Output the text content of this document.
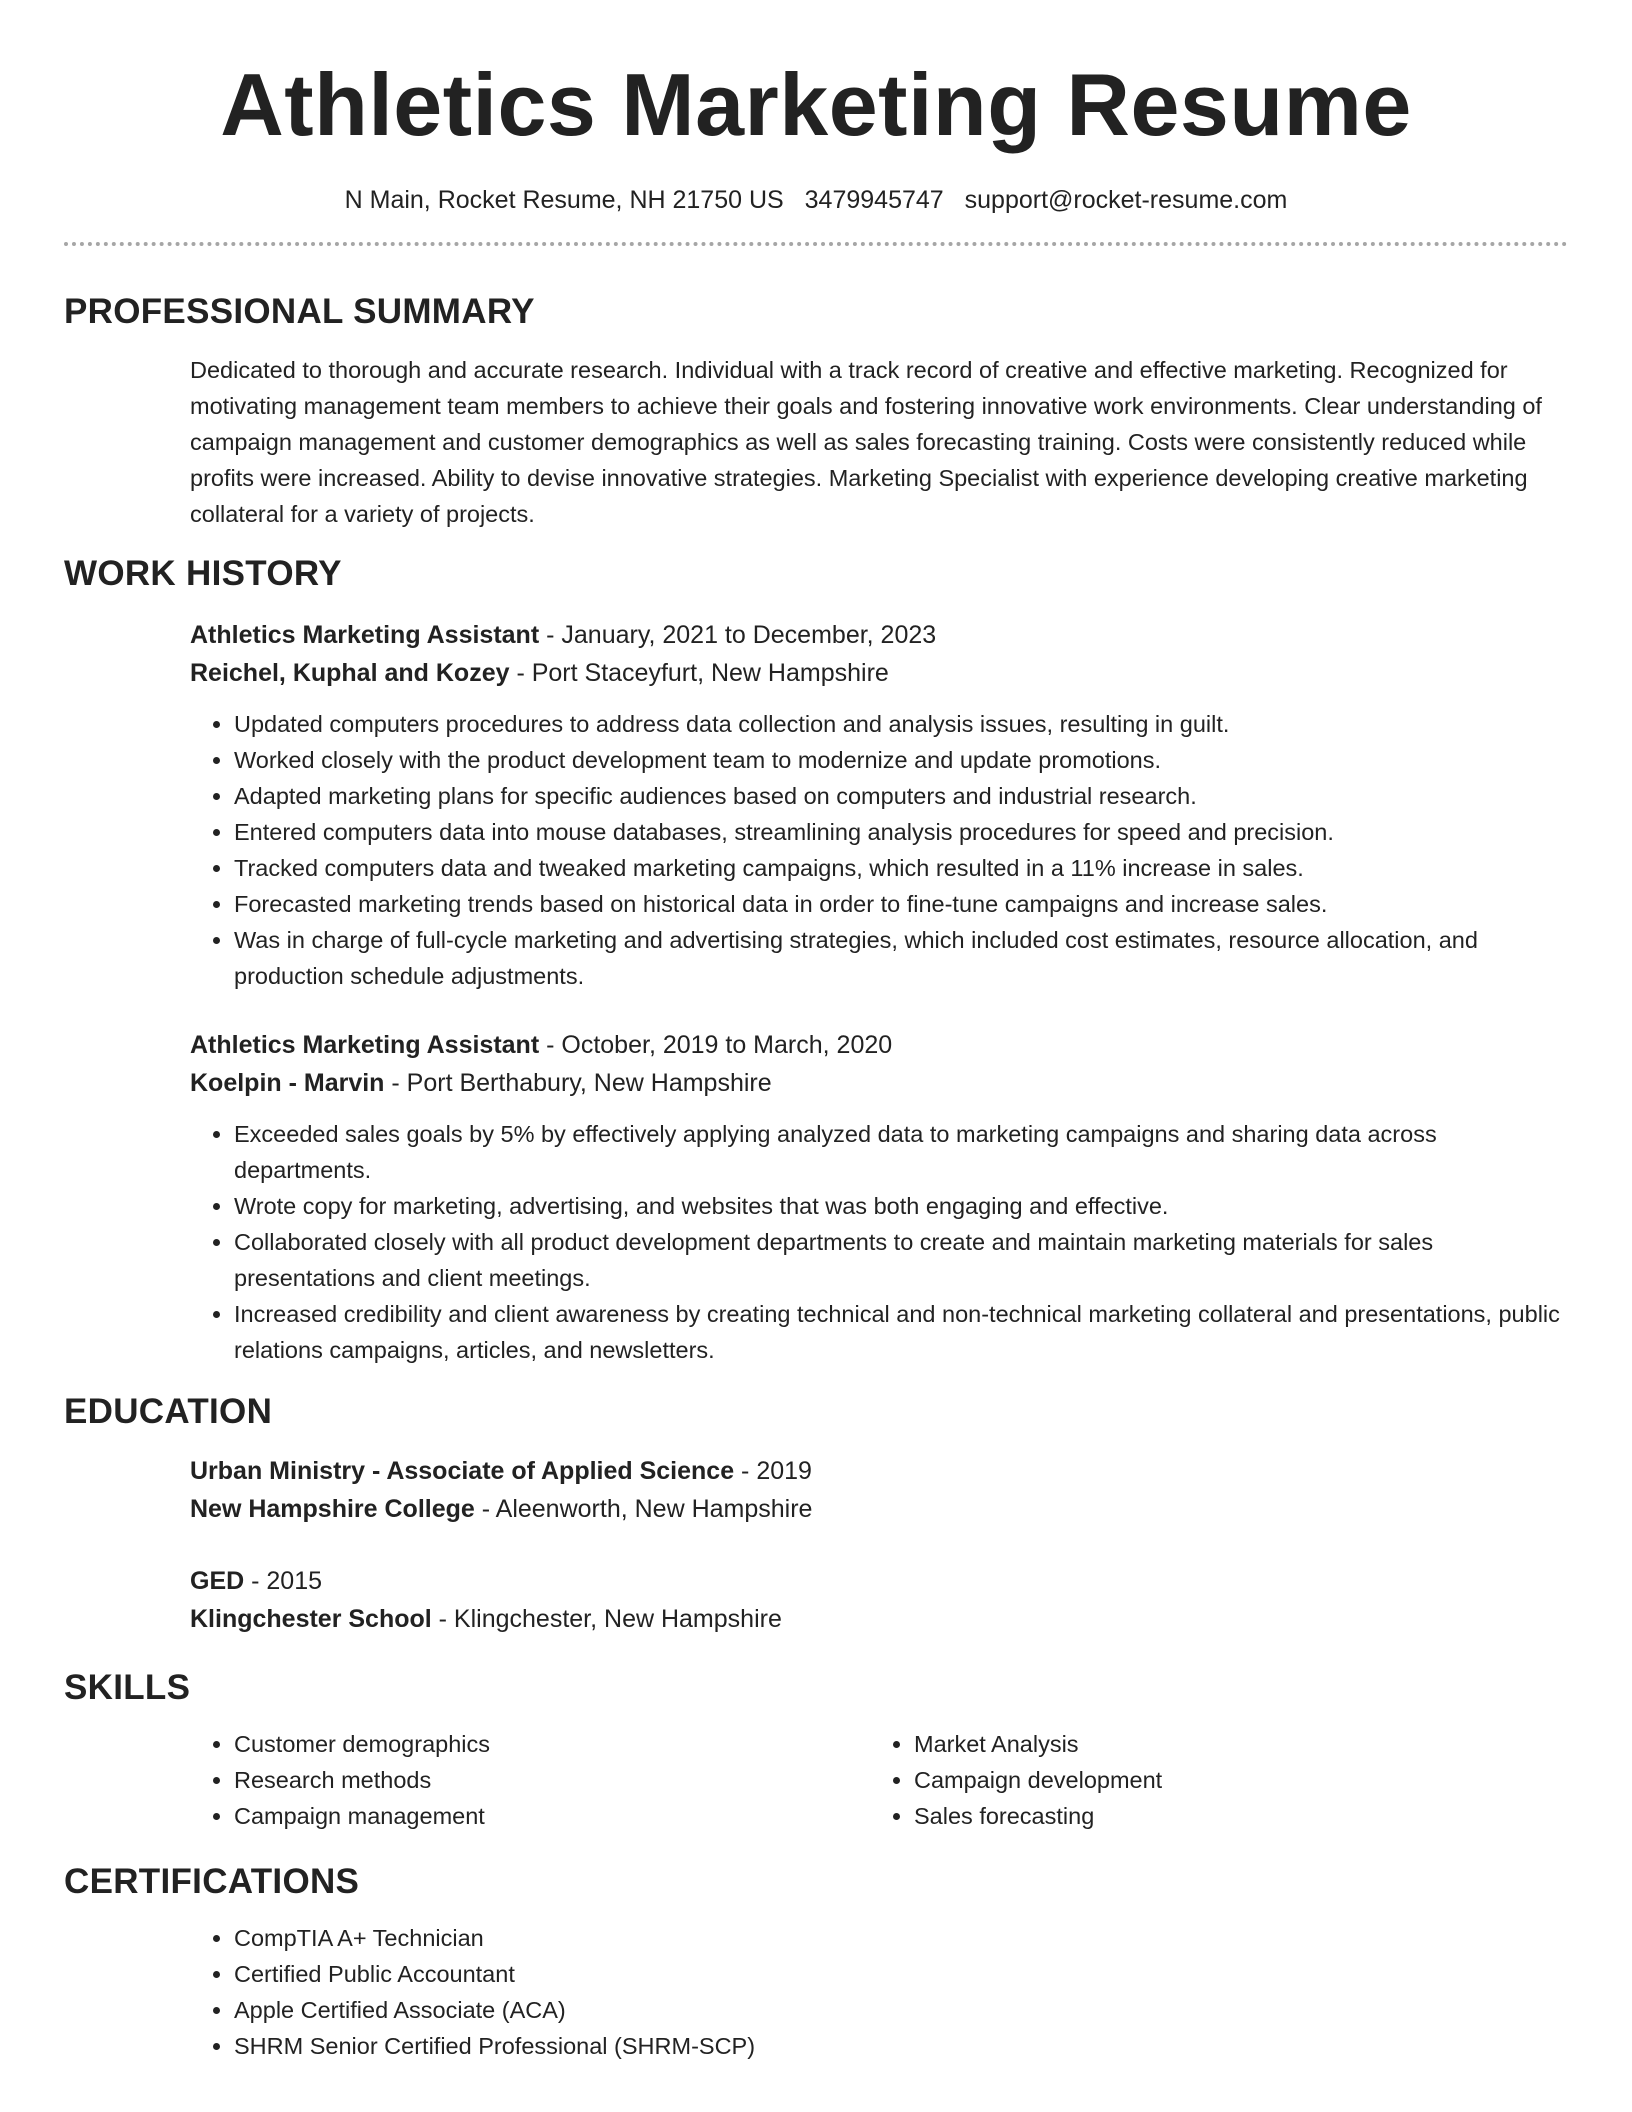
Athletics Marketing Resume
N Main, Rocket Resume, NH 21750 US 3479945747 support@rocket-resume.com
PROFESSIONAL SUMMARY

Dedicated to thorough and accurate research. Individual with a track record of creative and effective marketing. Recognized for motivating management team members to achieve their goals and fostering innovative work environments. Clear understanding of campaign management and customer demographics as well as sales forecasting training. Costs were consistently reduced while profits were increased. Ability to devise innovative strategies. Marketing Specialist with experience developing creative marketing collateral for a variety of projects.

WORK HISTORY

Athletics Marketing Assistant - January, 2021 to December, 2023

Reichel, Kuphal and Kozey - Port Staceyfurt, New Hampshire

• Updated computers procedures to address data collection and analysis issues, resulting in guilt.
• Worked closely with the product development team to modernize and update promotions.
• Adapted marketing plans for specific audiences based on computers and industrial research.
• Entered computers data into mouse databases, streamlining analysis procedures for speed and precision.
• Tracked computers data and tweaked marketing campaigns, which resulted in a 11% increase in sales.
• Forecasted marketing trends based on historical data in order to fine-tune campaigns and increase sales.
• Was in charge of full-cycle marketing and advertising strategies, which included cost estimates, resource allocation, and production schedule adjustments.

Athletics Marketing Assistant - October, 2019 to March, 2020

Koelpin - Marvin - Port Berthabury, New Hampshire

• Exceeded sales goals by 5% by effectively applying analyzed data to marketing campaigns and sharing data across departments.
• Wrote copy for marketing, advertising, and websites that was both engaging and effective.
• Collaborated closely with all product development departments to create and maintain marketing materials for sales presentations and client meetings.
• Increased credibility and client awareness by creating technical and non-technical marketing collateral and presentations, public relations campaigns, articles, and newsletters.
EDUCATION

Urban Ministry - Associate of Applied Science - 2019

New Hampshire College - Aleenworth, New Hampshire

GED - 2015

Klingchester School - Klingchester, New Hampshire

SKILLS
• Customer demographics
• Research methods
• Campaign management
• Market Analysis
• Campaign development
• Sales forecasting
CERTIFICATIONS
• CompTIA A+ Technician
• Certified Public Accountant
• Apple Certified Associate (ACA)
• SHRM Senior Certified Professional (SHRM-SCP)
